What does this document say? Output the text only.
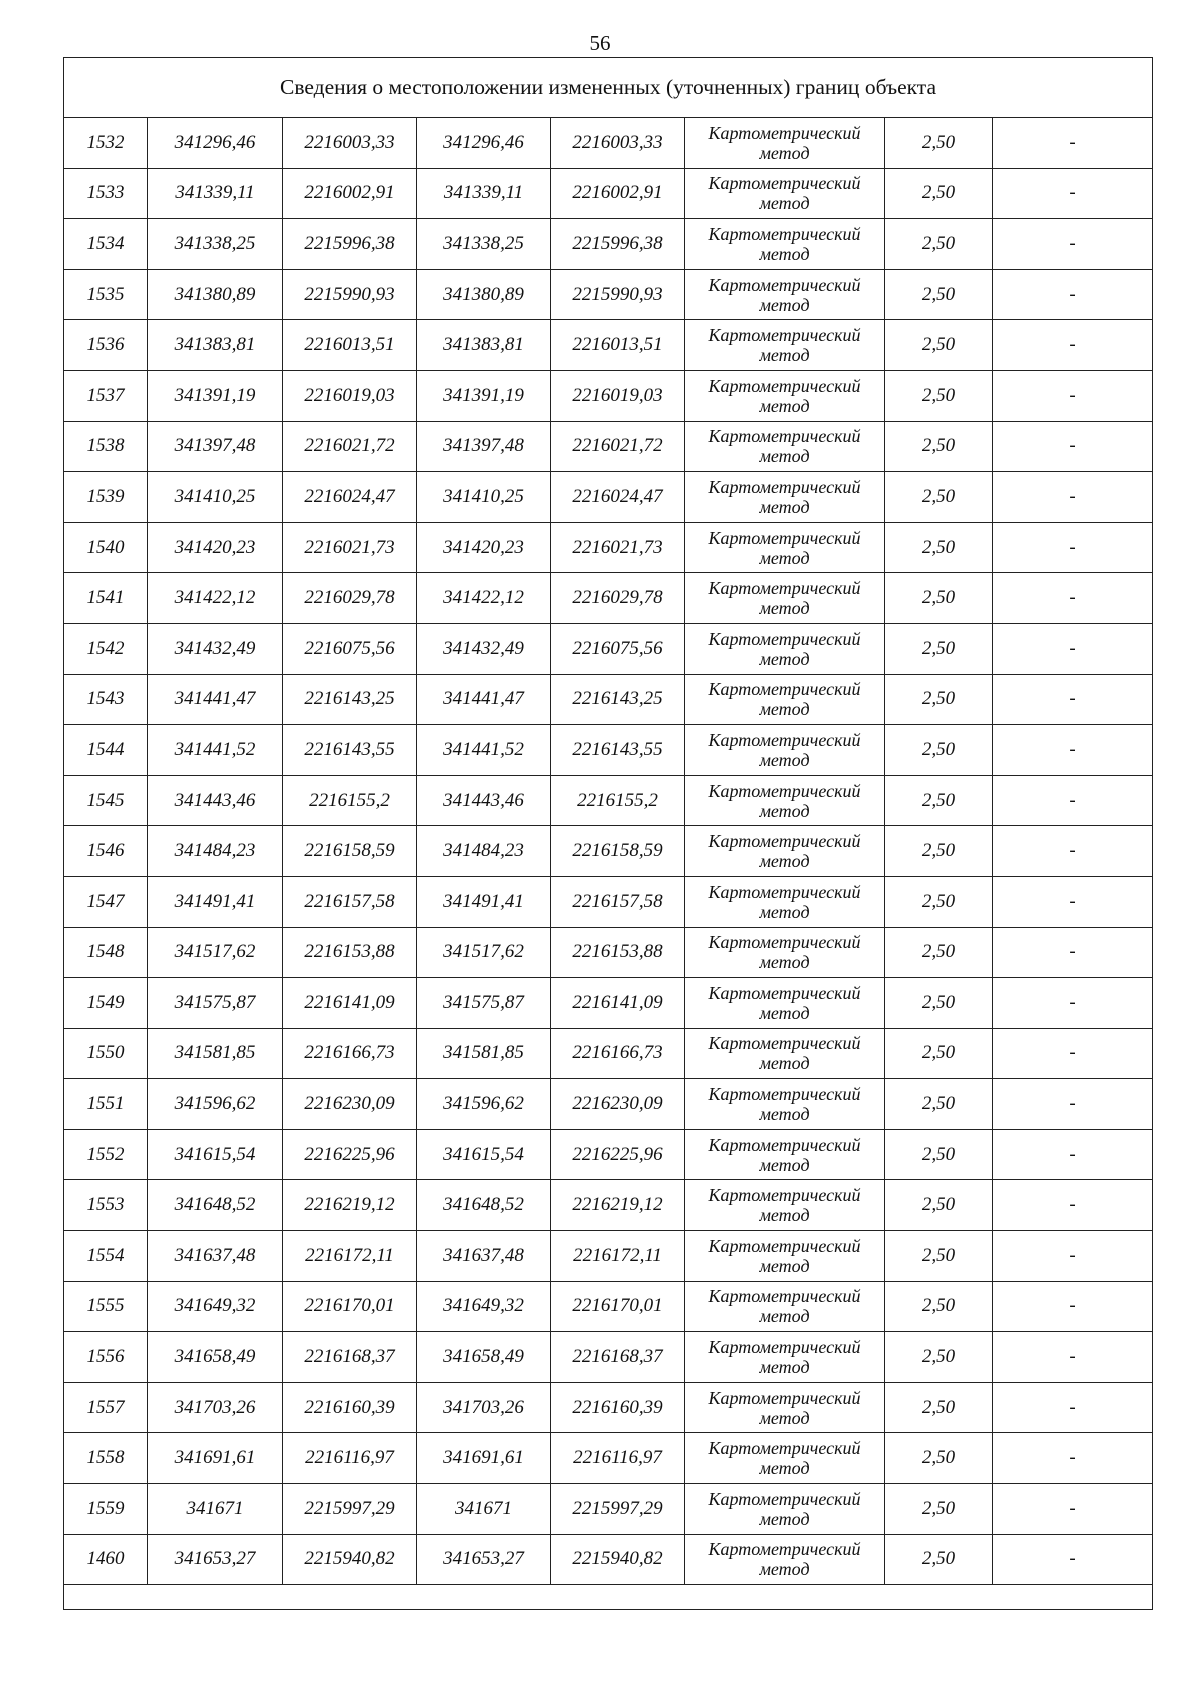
56
Сведения о местоположении измененных (уточненных) границ объекта							
1532	341296,46	2216003,33	341296,46	2216003,33	Картометрический метод	2,50	-
1533	341339,11	2216002,91	341339,11	2216002,91	Картометрический метод	2,50	-
1534	341338,25	2215996,38	341338,25	2215996,38	Картометрический метод	2,50	-
1535	341380,89	2215990,93	341380,89	2215990,93	Картометрический метод	2,50	-
1536	341383,81	2216013,51	341383,81	2216013,51	Картометрический метод	2,50	-
1537	341391,19	2216019,03	341391,19	2216019,03	Картометрический метод	2,50	-
1538	341397,48	2216021,72	341397,48	2216021,72	Картометрический метод	2,50	-
1539	341410,25	2216024,47	341410,25	2216024,47	Картометрический метод	2,50	-
1540	341420,23	2216021,73	341420,23	2216021,73	Картометрический метод	2,50	-
1541	341422,12	2216029,78	341422,12	2216029,78	Картометрический метод	2,50	-
1542	341432,49	2216075,56	341432,49	2216075,56	Картометрический метод	2,50	-
1543	341441,47	2216143,25	341441,47	2216143,25	Картометрический метод	2,50	-
1544	341441,52	2216143,55	341441,52	2216143,55	Картометрический метод	2,50	-
1545	341443,46	2216155,2	341443,46	2216155,2	Картометрический метод	2,50	-
1546	341484,23	2216158,59	341484,23	2216158,59	Картометрический метод	2,50	-
1547	341491,41	2216157,58	341491,41	2216157,58	Картометрический метод	2,50	-
1548	341517,62	2216153,88	341517,62	2216153,88	Картометрический метод	2,50	-
1549	341575,87	2216141,09	341575,87	2216141,09	Картометрический метод	2,50	-
1550	341581,85	2216166,73	341581,85	2216166,73	Картометрический метод	2,50	-
1551	341596,62	2216230,09	341596,62	2216230,09	Картометрический метод	2,50	-
1552	341615,54	2216225,96	341615,54	2216225,96	Картометрический метод	2,50	-
1553	341648,52	2216219,12	341648,52	2216219,12	Картометрический метод	2,50	-
1554	341637,48	2216172,11	341637,48	2216172,11	Картометрический метод	2,50	-
1555	341649,32	2216170,01	341649,32	2216170,01	Картометрический метод	2,50	-
1556	341658,49	2216168,37	341658,49	2216168,37	Картометрический метод	2,50	-
1557	341703,26	2216160,39	341703,26	2216160,39	Картометрический метод	2,50	-
1558	341691,61	2216116,97	341691,61	2216116,97	Картометрический метод	2,50	-
1559	341671	2215997,29	341671	2215997,29	Картометрический метод	2,50	-
1460	341653,27	2215940,82	341653,27	2215940,82	Картометрический метод	2,50	-
